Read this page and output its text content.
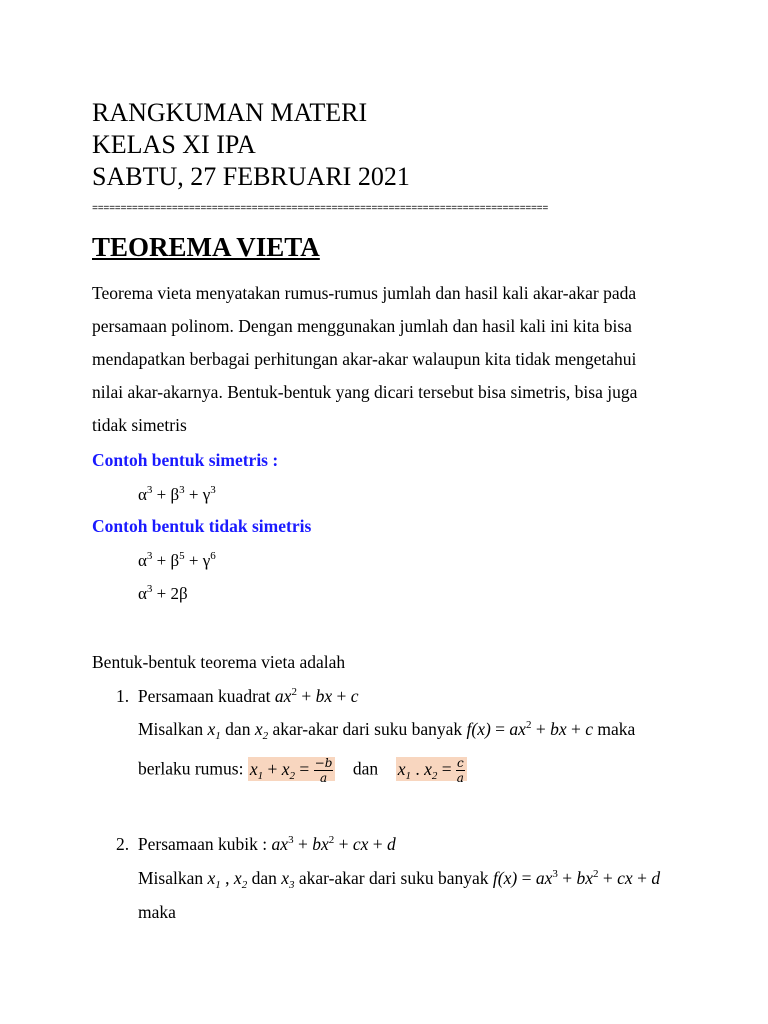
RANGKUMAN MATERI
KELAS XI IPA
SABTU, 27 FEBRUARI 2021
================================================================================
TEOREMA VIETA
Teorema vieta menyatakan rumus-rumus jumlah dan hasil kali akar-akar pada
persamaan polinom. Dengan menggunakan jumlah dan hasil kali ini kita bisa
mendapatkan berbagai perhitungan akar-akar walaupun kita tidak mengetahui
nilai akar-akarnya. Bentuk-bentuk yang dicari tersebut bisa simetris, bisa juga
tidak simetris
Contoh bentuk simetris :
$\alpha^3 + \beta^3 + \gamma^3$
Contoh bentuk tidak simetris
$\alpha^3 + \beta^5 + \gamma^6$
$\alpha^3 + 2\beta$
Bentuk-bentuk teorema vieta adalah
1. Persamaan kuadrat $ax^2$ + bx + c
Misalkan $x_1$ dan $x_2$ akar-akar dari suku banyak $f(x) = ax^2$ + bx + c maka
berlaku rumus: $x_1 + x_2 = \frac{-b}{a}$ dan $x_1$ . $x_2 = \frac{c}{a}$
2. Persamaan kubik : $ax^3 + bx^2$ + cx + d
Misalkan $x_1$ , $x_2$ dan $x_3$ akar-akar dari suku banyak $f(x) = ax^3 + bx^2$ + cx + d
maka
